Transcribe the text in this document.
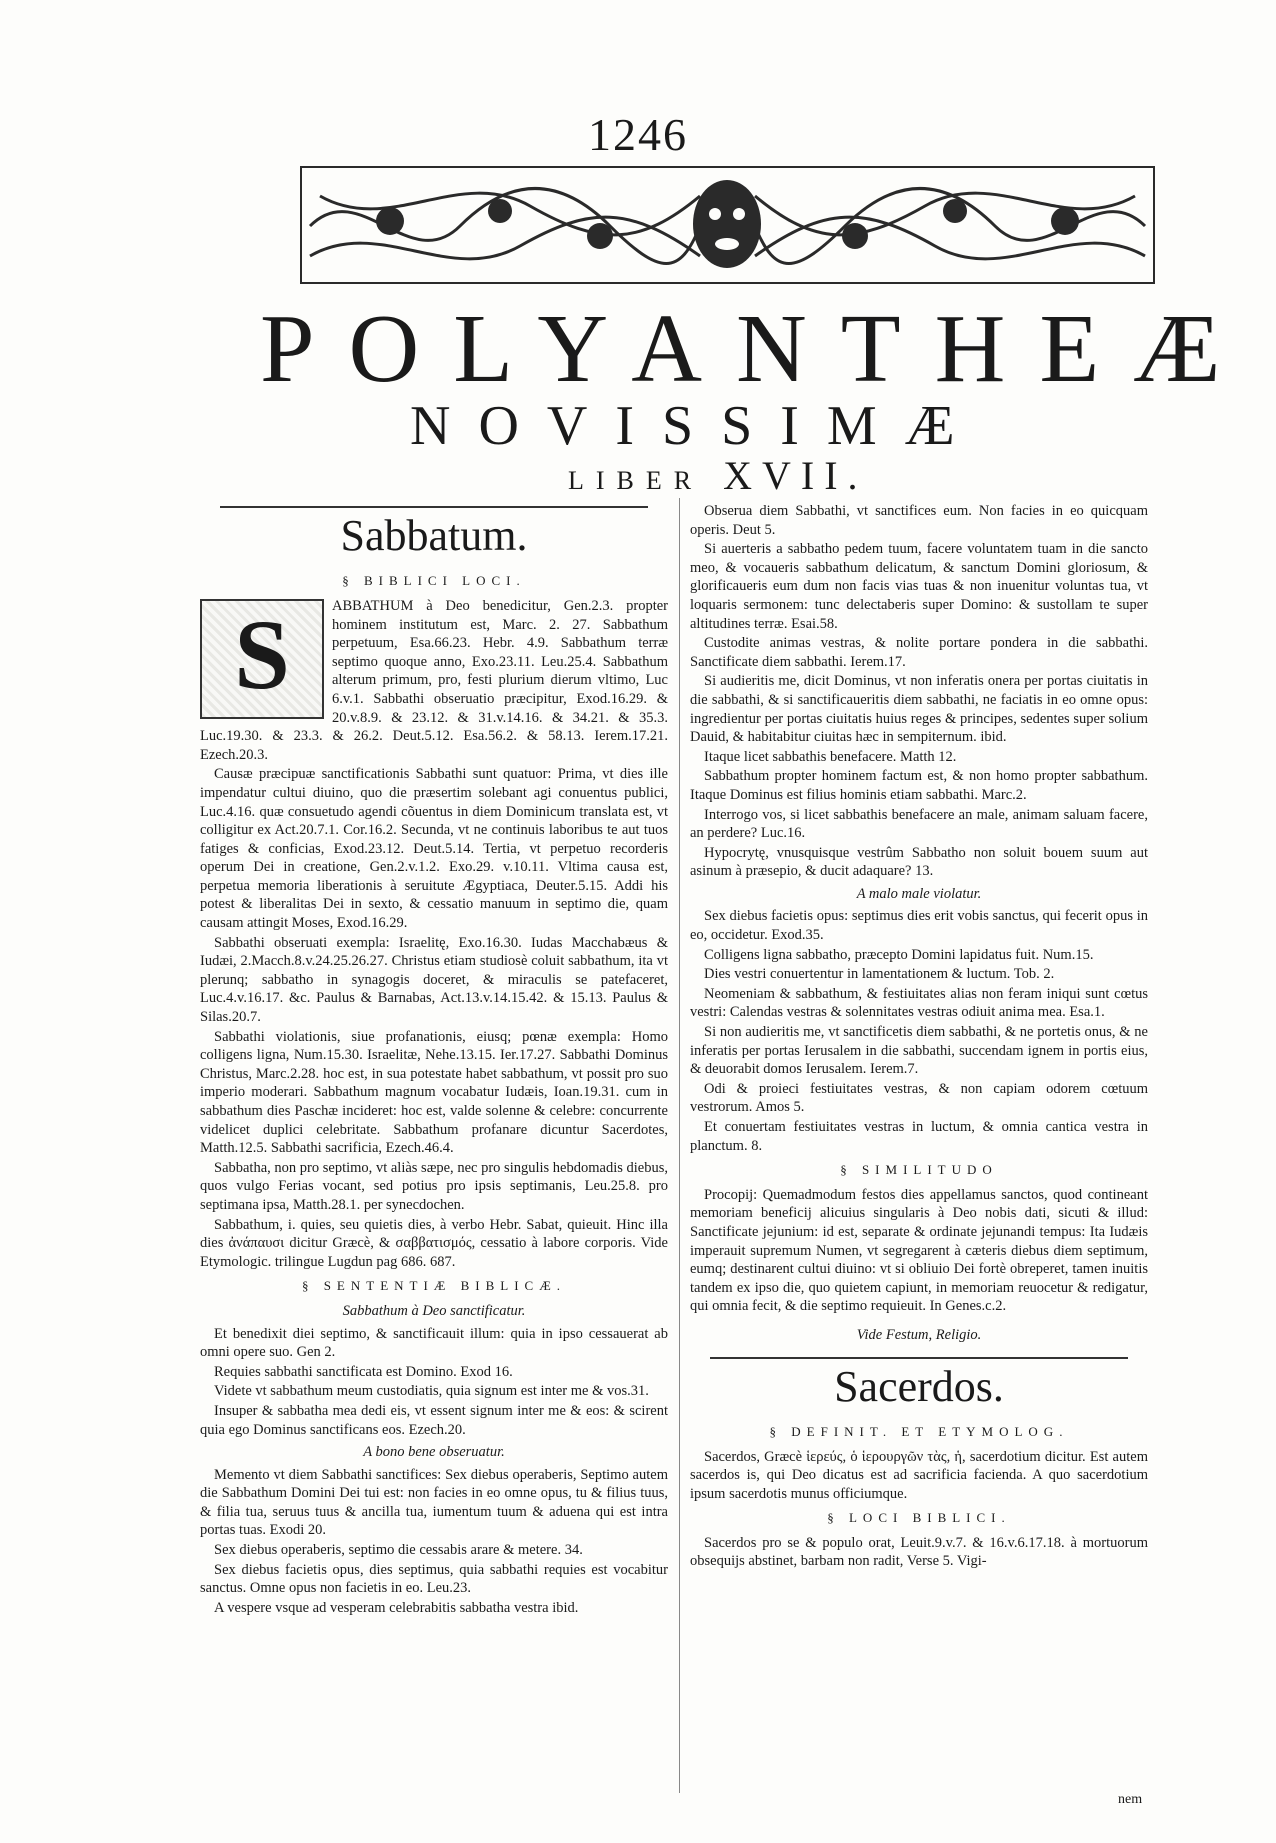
1246
POLYANTHEÆ
NOVISSIMÆ
LIBER XVII.
Sabbatum.
§ BIBLICI LOCI.
S	ABBATHUM à Deo benedicitur, Gen.2.3. propter hominem institutum est, Marc. 2. 27. Sabbathum perpetuum, Esa.66.23. Hebr. 4.9. Sabbathum terræ septimo quoque anno, Exo.23.11. Leu.25.4. Sabbathum alterum primum, pro, festi plurium dierum vltimo, Luc 6.v.1. Sabbathi obseruatio præcipitur, Exod.16.29. & 20.v.8.9. & 23.12. & 31.v.14.16. & 34.21. & 35.3. Luc.19.30. & 23.3. & 26.2. Deut.5.12. Esa.56.2. & 58.13. Ierem.17.21. Ezech.20.3.

Causæ præcipuæ sanctificationis Sabbathi sunt quatuor: Prima, vt dies ille impendatur cultui diuino, quo die præsertim solebant agi conuentus publici, Luc.4.16. quæ consuetudo agendi cõuentus in diem Dominicum translata est, vt colligitur ex Act.20.7.1. Cor.16.2. Secunda, vt ne continuis laboribus te aut tuos fatiges & conficias, Exod.23.12. Deut.5.14. Tertia, vt perpetuo recorderis operum Dei in creatione, Gen.2.v.1.2. Exo.29. v.10.11. Vltima causa est, perpetua memoria liberationis à seruitute Ægyptiaca, Deuter.5.15. Addi his potest & liberalitas Dei in sexto, & cessatio manuum in septimo die, quam causam attingit Moses, Exod.16.29.

Sabbathi obseruati exempla: Israelitę, Exo.16.30. Iudas Macchabæus & Iudæi, 2.Macch.8.v.24.25.26.27. Christus etiam studiosè coluit sabbathum, ita vt plerunq; sabbatho in synagogis doceret, & miraculis se patefaceret, Luc.4.v.16.17. &c. Paulus & Barnabas, Act.13.v.14.15.42. & 15.13. Paulus & Silas.20.7.

Sabbathi violationis, siue profanationis, eiusq; pœnæ exempla: Homo colligens ligna, Num.15.30. Israelitæ, Nehe.13.15. Ier.17.27. Sabbathi Dominus Christus, Marc.2.28. hoc est, in sua potestate habet sabbathum, vt possit pro suo imperio moderari. Sabbathum magnum vocabatur Iudæis, Ioan.19.31. cum in sabbathum dies Paschæ incideret: hoc est, valde solenne & celebre: concurrente videlicet duplici celebritate. Sabbathum profanare dicuntur Sacerdotes, Matth.12.5. Sabbathi sacrificia, Ezech.46.4.

Sabbatha, non pro septimo, vt aliàs sæpe, nec pro singulis hebdomadis diebus, quos vulgo Ferias vocant, sed potius pro ipsis septimanis, Leu.25.8. pro septimana ipsa, Matth.28.1. per synecdochen.

Sabbathum, i. quies, seu quietis dies, à verbo Hebr. Sabat, quieuit. Hinc illa dies ἀνάπαυσι dicitur Græcè, & σαββατισμός, cessatio à labore corporis. Vide Etymologic. trilingue Lugdun pag 686. 687.

§ SENTENTIÆ BIBLICÆ.
Sabbathum à Deo sanctificatur.

Et benedixit diei septimo, & sanctificauit illum: quia in ipso cessauerat ab omni opere suo. Gen 2.

Requies sabbathi sanctificata est Domino. Exod 16.

Videte vt sabbathum meum custodiatis, quia signum est inter me & vos.31.

Insuper & sabbatha mea dedi eis, vt essent signum inter me & eos: & scirent quia ego Dominus sanctificans eos. Ezech.20.

A bono bene obseruatur.

Memento vt diem Sabbathi sanctifices: Sex diebus operaberis, Septimo autem die Sabbathum Domini Dei tui est: non facies in eo omne opus, tu & filius tuus, & filia tua, seruus tuus & ancilla tua, iumentum tuum & aduena qui est intra portas tuas. Exodi 20.

Sex diebus operaberis, septimo die cessabis arare & metere. 34.

Sex diebus facietis opus, dies septimus, quia sabbathi requies est vocabitur sanctus. Omne opus non facietis in eo. Leu.23.

A vespere vsque ad vesperam celebrabitis sabbatha vestra ibid.

Obserua diem Sabbathi, vt sanctifices eum. Non facies in eo quicquam operis. Deut 5.

Si auerteris a sabbatho pedem tuum, facere voluntatem tuam in die sancto meo, & vocaueris sabbathum delicatum, & sanctum Domini gloriosum, & glorificaueris eum dum non facis vias tuas & non inuenitur voluntas tua, vt loquaris sermonem: tunc delectaberis super Domino: & sustollam te super altitudines terræ. Esai.58.

Custodite animas vestras, & nolite portare pondera in die sabbathi. Sanctificate diem sabbathi. Ierem.17.

Si audieritis me, dicit Dominus, vt non inferatis onera per portas ciuitatis in die sabbathi, & si sanctificaueritis diem sabbathi, ne faciatis in eo omne opus: ingredientur per portas ciuitatis huius reges & principes, sedentes super solium Dauid, & habitabitur ciuitas hæc in sempiternum. ibid.

Itaque licet sabbathis benefacere. Matth 12.

Sabbathum propter hominem factum est, & non homo propter sabbathum. Itaque Dominus est filius hominis etiam sabbathi. Marc.2.

Interrogo vos, si licet sabbathis benefacere an male, animam saluam facere, an perdere? Luc.16.

Hypocrytę, vnusquisque vestrûm Sabbatho non soluit bouem suum aut asinum à præsepio, & ducit adaquare? 13.

A malo male violatur.

Sex diebus facietis opus: septimus dies erit vobis sanctus, qui fecerit opus in eo, occidetur. Exod.35.

Colligens ligna sabbatho, præcepto Domini lapidatus fuit. Num.15.

Dies vestri conuertentur in lamentationem & luctum. Tob. 2.

Neomeniam & sabbathum, & festiuitates alias non feram iniqui sunt cœtus vestri: Calendas vestras & solennitates vestras odiuit anima mea. Esa.1.

Si non audieritis me, vt sanctificetis diem sabbathi, & ne portetis onus, & ne inferatis per portas Ierusalem in die sabbathi, succendam ignem in portis eius, & deuorabit domos Ierusalem. Ierem.7.

Odi & proieci festiuitates vestras, & non capiam odorem cœtuum vestrorum. Amos 5.

Et conuertam festiuitates vestras in luctum, & omnia cantica vestra in planctum. 8.

§ SIMILITUDO

Procopij: Quemadmodum festos dies appellamus sanctos, quod contineant memoriam beneficij alicuius singularis à Deo nobis dati, sicuti & illud: Sanctificate jejunium: id est, separate & ordinate jejunandi tempus: Ita Iudæis imperauit supremum Numen, vt segregarent à cæteris diebus diem septimum, eumq; destinarent cultui diuino: vt si obliuio Dei fortè obreperet, tamen inuitis tandem ex ipso die, quo quietem capiunt, in memoriam reuocetur & redigatur, qui omnia fecit, & die septimo requieuit. In Genes.c.2.

Vide Festum, Religio.
Sacerdos.
§ DEFINIT. ET ETYMOLOG.

Sacerdos, Græcè ἱερεύς, ὁ ἱερουργῶν τὰς, ἡ, sacerdotium dicitur. Est autem sacerdos is, qui Deo dicatus est ad sacrificia facienda. A quo sacerdotium ipsum sacerdotis munus officiumque.

§ LOCI BIBLICI.

Sacerdos pro se & populo orat, Leuit.9.v.7. & 16.v.6.17.18. à mortuorum obsequijs abstinet, barbam non radit, Verse 5. Vigi-

nem
